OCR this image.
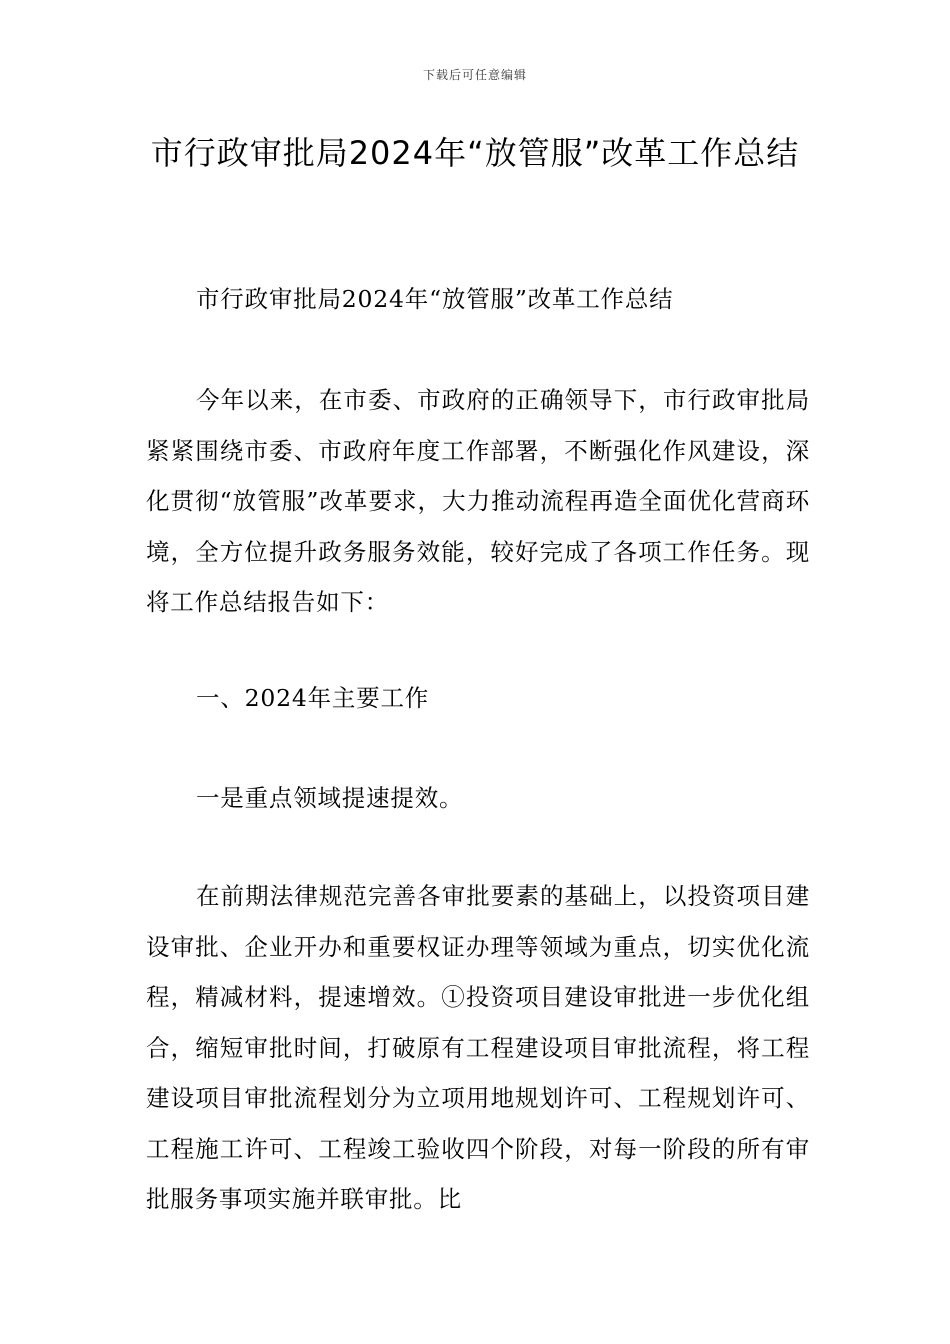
下载后可任意编辑
市行政审批局2024年“放管服”改革工作总结

市行政审批局2024年“放管服”改革工作总结

今年以来，在市委、市政府的正确领导下，市行政审批局紧紧围绕市委、市政府年度工作部署，不断强化作风建设，深化贯彻“放管服”改革要求，大力推动流程再造全面优化营商环境，全方位提升政务服务效能，较好完成了各项工作任务。现将工作总结报告如下：

一、2024年主要工作

一是重点领域提速提效。

在前期法律规范完善各审批要素的基础上，以投资项目建设审批、企业开办和重要权证办理等领域为重点，切实优化流程，精减材料，提速增效。①投资项目建设审批进一步优化组合，缩短审批时间，打破原有工程建设项目审批流程，将工程建设项目审批流程划分为立项用地规划许可、工程规划许可、工程施工许可、工程竣工验收四个阶段，对每一阶段的所有审批服务事项实施并联审批。比
